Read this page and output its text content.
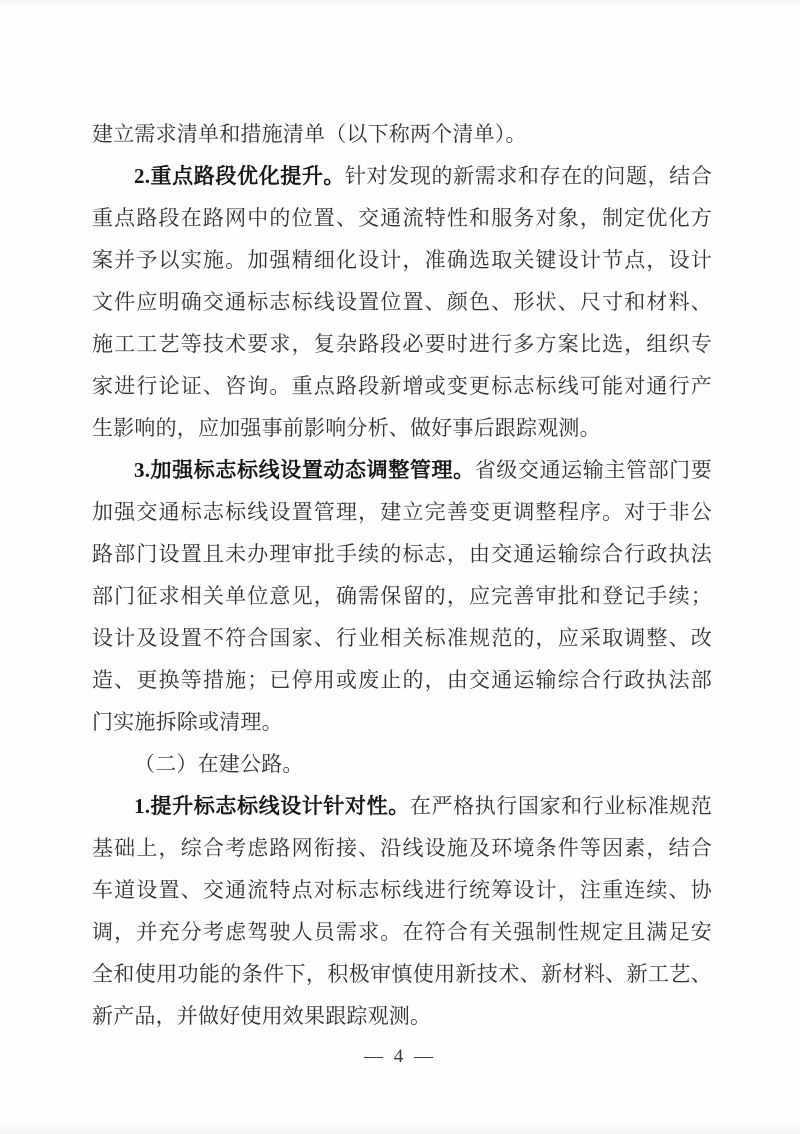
建立需求清单和措施清单（以下称两个清单）。
2.重点路段优化提升。针对发现的新需求和存在的问题，结合
重点路段在路网中的位置、交通流特性和服务对象，制定优化方
案并予以实施。加强精细化设计，准确选取关键设计节点，设计
文件应明确交通标志标线设置位置、颜色、形状、尺寸和材料、
施工工艺等技术要求，复杂路段必要时进行多方案比选，组织专
家进行论证、咨询。重点路段新增或变更标志标线可能对通行产
生影响的，应加强事前影响分析、做好事后跟踪观测。
3.加强标志标线设置动态调整管理。省级交通运输主管部门要
加强交通标志标线设置管理，建立完善变更调整程序。对于非公
路部门设置且未办理审批手续的标志，由交通运输综合行政执法
部门征求相关单位意见，确需保留的，应完善审批和登记手续；
设计及设置不符合国家、行业相关标准规范的，应采取调整、改
造、更换等措施；已停用或废止的，由交通运输综合行政执法部
门实施拆除或清理。
（二）在建公路。
1.提升标志标线设计针对性。在严格执行国家和行业标准规范
基础上，综合考虑路网衔接、沿线设施及环境条件等因素，结合
车道设置、交通流特点对标志标线进行统筹设计，注重连续、协
调，并充分考虑驾驶人员需求。在符合有关强制性规定且满足安
全和使用功能的条件下，积极审慎使用新技术、新材料、新工艺、
新产品，并做好使用效果跟踪观测。
— 4 —
